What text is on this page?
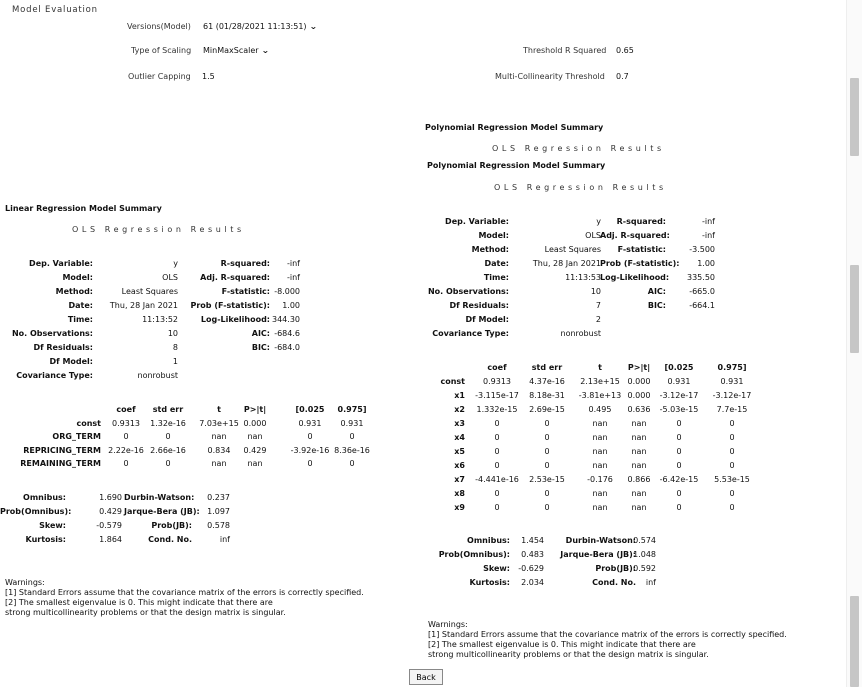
Model Evaluation
Versions(Model) 61 (01/28/2021 11:13:51) ⌄
Type of Scaling MinMaxScaler ⌄
Outlier Capping 1.5
Threshold R Squared 0.65
Multi-Collinearity Threshold 0.7
Linear Regression Model Summary
OLS Regression Results
Dep. Variable:	y
Model:	OLS
Method:	Least Squares
Date:	Thu, 28 Jan 2021
Time:	11:13:52
No. Observations:	10
Df Residuals:	8
Df Model:	1
Covariance Type:	nonrobust
R-squared:	-inf
Adj. R-squared:	-inf
F-statistic: -8.000
Prob (F-statistic):	1.00
Log-Likelihood: 344.30
AIC: -684.6
BIC: -684.0
coef	std err	t	P>|t|	[0.025	0.975]
const	0.9313	1.32e-16	7.03e+15 0.000	0.931	0.931
ORG_TERM	0	0	nan	nan	0	0
REPRICING_TERM 2.22e-16 2.66e-16	0.834	0.429	-3.92e-16 8.36e-16
REMAINING_TERM	0	0	nan	nan	0	0
Omnibus:	1.690 Durbin-Watson:	0.237
Prob(Omnibus):	0.429 Jarque-Bera (JB): 1.097
Skew:	-0.579	Prob(JB):	0.578
Kurtosis:	1.864	Cond. No.	inf
Warnings:
[1] Standard Errors assume that the covariance matrix of the errors is correctly specified.
[2] The smallest eigenvalue is 0. This might indicate that there are
strong multicollinearity problems or that the design matrix is singular.
Polynomial Regression Model Summary
OLS Regression Results
Polynomial Regression Model Summary
OLS Regression Results
Dep. Variable:	y
Model:	OLS
Method:	Least Squares
Date:	Thu, 28 Jan 2021
Time:	11:13:53
No. Observations:	10
Df Residuals:	7
Df Model:	2
Covariance Type:	nonrobust
R-squared:	-inf
Adj. R-squared:	-inf
F-statistic:	-3.500
Prob (F-statistic):	1.00
Log-Likelihood:	335.50
AIC:	-665.0
BIC:	-664.1
coef	std err	t	P>|t|	[0.025	0.975]
const	0.9313	4.37e-16	2.13e+15 0.000	0.931	0.931
x1	-3.115e-17	8.18e-31	-3.81e+13 0.000	-3.12e-17	-3.12e-17
x2	1.332e-15	2.69e-15	0.495	0.636	-5.03e-15	7.7e-15
x3	0	0	nan	nan	0	0
x4	0	0	nan	nan	0	0
x5	0	0	nan	nan	0	0
x6	0	0	nan	nan	0	0
x7	-4.441e-16	2.53e-15	-0.176	0.866	-6.42e-15	5.53e-15
x8	0	0	nan	nan	0	0
x9	0	0	nan	nan	0	0
Omnibus:	1.454	Durbin-Watson:
0.574
Prob(Omnibus):	0.483	Jarque-Bera (JB):
1.048
Skew:	-0.629	Prob(JB):
0.592
Kurtosis:	2.034	Cond. No.	inf
Warnings:
[1] Standard Errors assume that the covariance matrix of the errors is correctly specified.
[2] The smallest eigenvalue is 0. This might indicate that there are
strong multicollinearity problems or that the design matrix is singular.
Back
